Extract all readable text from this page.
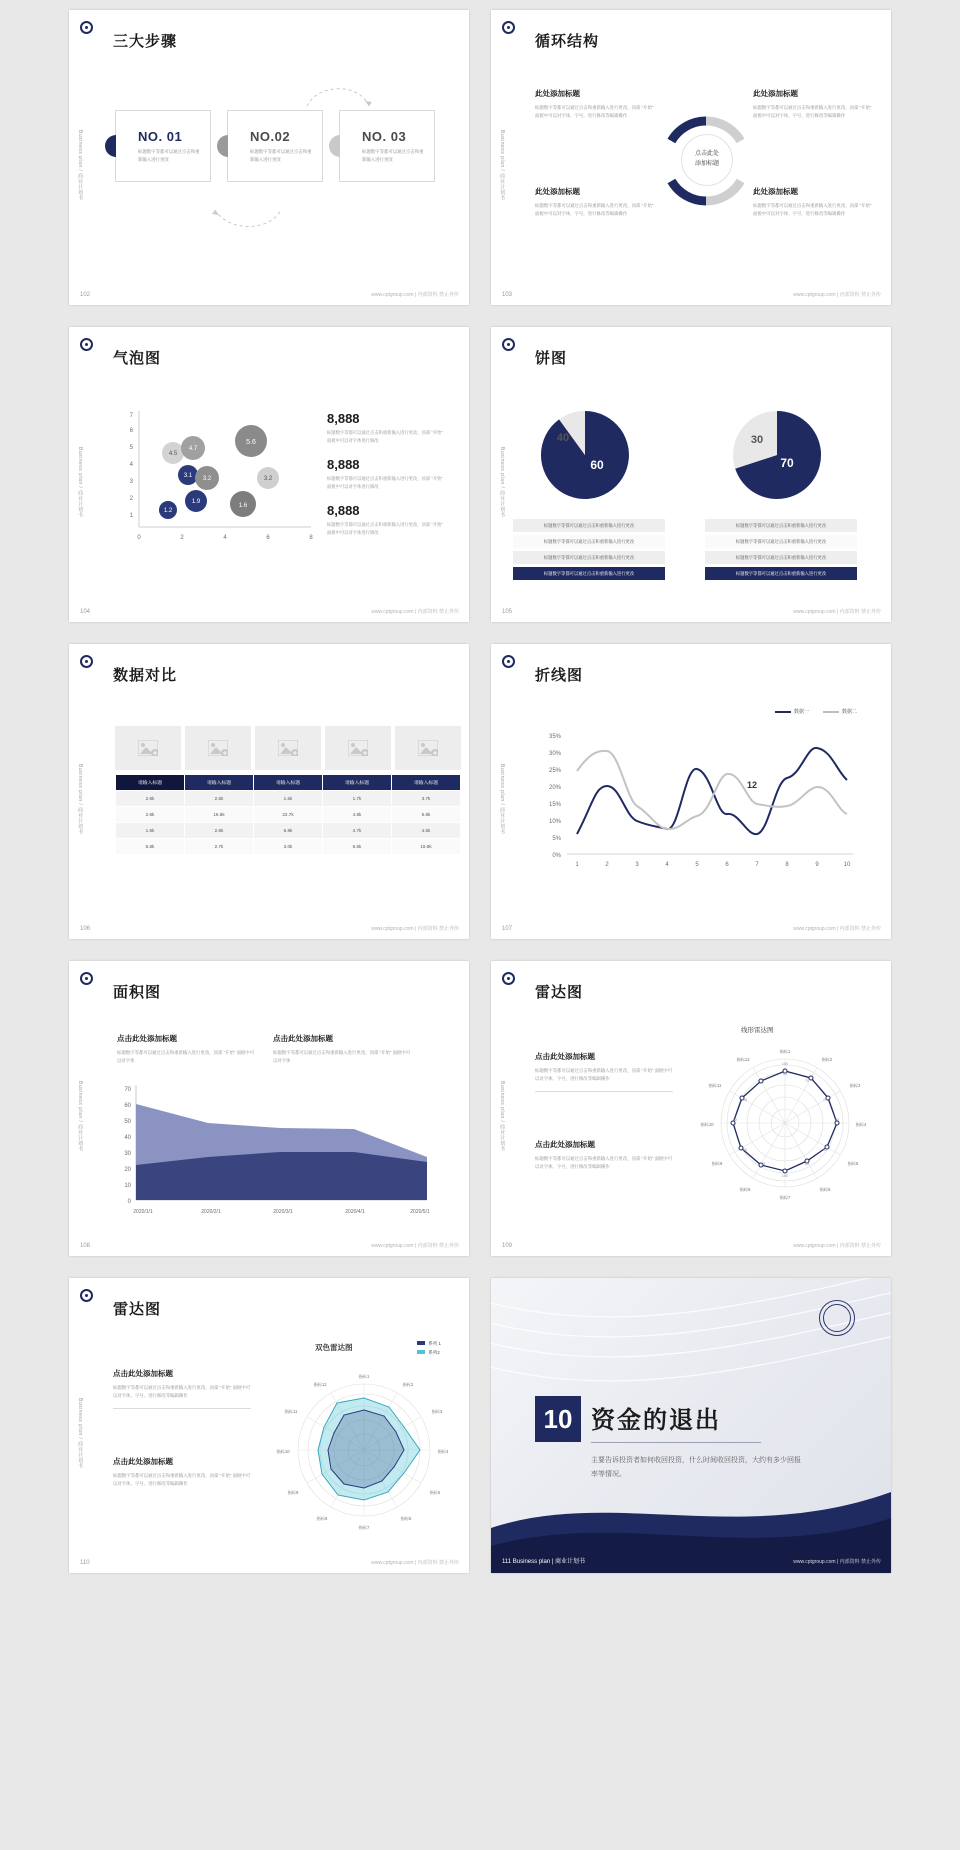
Business plan / 商业计划书
三大步骤
NO. 01
标题数字等都可以通过点击和重新输入进行更改
NO.02
标题数字等都可以通过点击和重新输入进行更改
NO. 03
标题数字等都可以通过点击和重新输入进行更改
102	www.cptgroup.com | 内部资料 禁止外传
Business plan / 商业计划书
循环结构
点击此处
添加标题
此处添加标题
标题数字等都可以通过点击和重新输入进行更改，顶部 “开始” 面板中可以对字体、字号，进行修改等编辑操作
此处添加标题
标题数字等都可以通过点击和重新输入进行更改，顶部 “开始” 面板中可以对字体、字号，进行修改等编辑操作
此处添加标题
标题数字等都可以通过点击和重新输入进行更改，顶部 “开始” 面板中可以对字体、字号，进行修改等编辑操作
此处添加标题
标题数字等都可以通过点击和重新输入进行更改，顶部 “开始” 面板中可以对字体、字号，进行修改等编辑操作
103	www.cptgroup.com | 内部资料 禁止外传
Business plan / 商业计划书
气泡图
1
2
3
4
5
6
7
0	2	4	6	8
4.5
4.7
3.1 3.2
5.6
3.2
1.9
1.2
1.6
8,888
标题数字等都可以通过点击和重新输入进行更改，顶部 “开始” 面板中可以对字体进行修改
8,888
标题数字等都可以通过点击和重新输入进行更改，顶部 “开始” 面板中可以对字体进行修改
8,888
标题数字等都可以通过点击和重新输入进行更改，顶部 “开始” 面板中可以对字体进行修改
104	www.cptgroup.com | 内部资料 禁止外传
Business plan / 商业计划书
饼图
60
40
70
30
标题数字等都可以通过点击和重新输入进行更改
标题数字等都可以通过点击和重新输入进行更改
标题数字等都可以通过点击和重新输入进行更改
标题数字等都可以通过点击和重新输入进行更改
标题数字等都可以通过点击和重新输入进行更改
标题数字等都可以通过点击和重新输入进行更改
标题数字等都可以通过点击和重新输入进行更改
标题数字等都可以通过点击和重新输入进行更改
105	www.cptgroup.com | 内部资料 禁止外传
Business plan / 商业计划书
数据对比
请输入标题	请输入标题	请输入标题	请输入标题	请输入标题
2.8k	2.5k	1.6k	1.7k	3.7k
2.8k	16.8k	22.7k	4.8k	5.8k
1.6k	2.6k	6.8k	4.7k	4.5k
5.8k	2.7k	3.0k	6.5k	19.8k
106	www.cptgroup.com | 内部资料 禁止外传
Business plan / 商业计划书
折线图
数据一	数据二
35%
30%
25%
20%
15%
10%
5%
0%
1	2	3	4	5	6	7	8	9	10
12
107	www.cptgroup.com | 内部资料 禁止外传
Business plan / 商业计划书
面积图
点击此处添加标题
标题数字等都可以通过点击和重新输入进行更改，顶部 “开始” 面板中可以对字体
点击此处添加标题
标题数字等都可以通过点击和重新输入进行更改，顶部 “开始” 面板中可以对字体
70
60
50
40
30
20
10
0
2020/1/1	2020/2/1	2020/3/1	2020/4/1	2020/5/1
108	www.cptgroup.com | 内部资料 禁止外传
Business plan / 商业计划书
雷达图
点击此处添加标题
标题数字等都可以通过点击和重新输入进行更改，顶部 “开始” 面板中可以对字体、字号，进行修改等编辑操作
点击此处添加标题
标题数字等都可以通过点击和重新输入进行更改，顶部 “开始” 面板中可以对字体、字号，进行修改等编辑操作
线形雷达图
指标1
指标2
指标3
指标4
指标5
指标6
指标7
指标8
指标9
指标10
指标11
指标12
100
95
70
70
90
82
80
100
85
90
92
95
109	www.cptgroup.com | 内部资料 禁止外传
Business plan / 商业计划书
雷达图
点击此处添加标题
标题数字等都可以通过点击和重新输入进行更改，顶部 “开始” 面板中可以对字体、字号，进行修改等编辑操作
点击此处添加标题
标题数字等都可以通过点击和重新输入进行更改，顶部 “开始” 面板中可以对字体、字号，进行修改等编辑操作
双色雷达图	系列 1
系列2
指标1
指标2
指标3
指标4
指标5
指标6
指标7
指标8
指标9
指标10
指标11
指标12
110	www.cptgroup.com | 内部资料 禁止外传
10 资金的退出
主要告诉投资者如何收回投资，什么时间收回投资，大约有多少回报率等情况。
111 Business plan | 商业计划书	www.cptgroup.com | 内部资料 禁止外传
